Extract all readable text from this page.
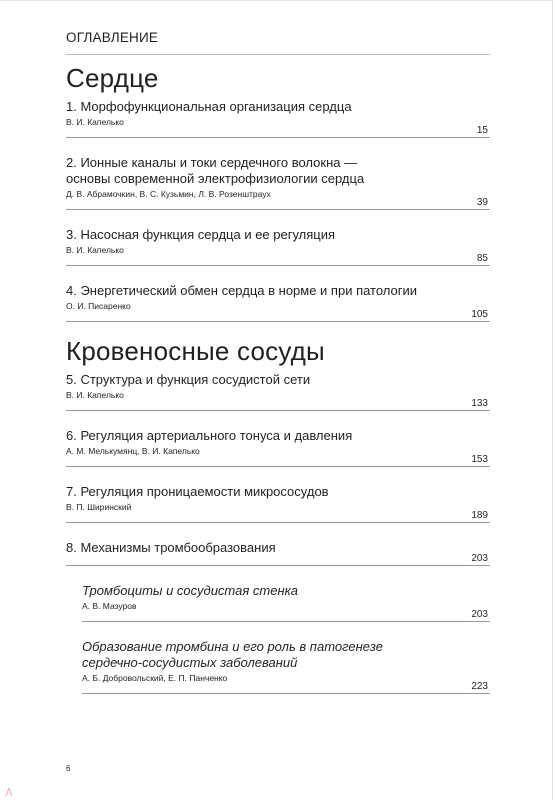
ОГЛАВЛЕНИЕ
Сердце
1. Морфофункциональная организация сердца
В. И. Капелько
15
2. Ионные каналы и токи сердечного волокна —
основы современной электрофизиологии сердца
Д. В. Абрамочкин, В. С. Кузьмин, Л. В. Розенштраух
39
3. Насосная функция сердца и ее регуляция
В. И. Капелько
85
4. Энергетический обмен сердца в норме и при патологии
О. И. Писаренко
105
Кровеносные сосуды
5. Структура и функция сосудистой сети
В. И. Капелько
133
6. Регуляция артериального тонуса и давления
А. М. Мелькумянц, В. И. Капелько
153
7. Регуляция проницаемости микрососудов
В. П. Ширинский
189
8. Механизмы тромбообразования
203
Тромбоциты и сосудистая стенка
А. В. Мазуров
203
Образование тромбина и его роль в патогенезе
сердечно-сосудистых заболеваний
А. Б. Добровольский, Е. П. Панченко
223
6
